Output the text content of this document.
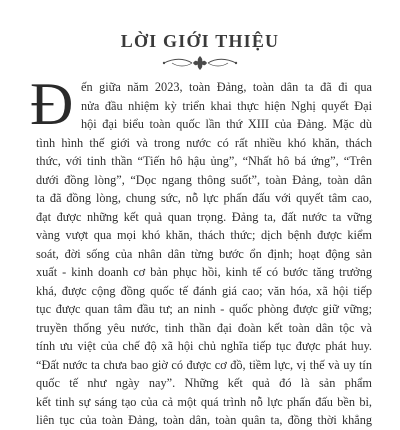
LỜI GIỚI THIỆU
Đ ến giữa năm 2023, toàn Đảng, toàn dân ta đã đi qua
nửa đầu nhiệm kỳ triển khai thực hiện Nghị quyết Đại
hội đại biểu toàn quốc lần thứ XIII của Đảng. Mặc dù
tình hình thế giới và trong nước có rất nhiều khó khăn, thách
thức, với tinh thần “Tiến hô hậu ủng”, “Nhất hô bá ứng”, “Trên
dưới đồng lòng”, “Dọc ngang thông suốt”, toàn Đảng, toàn dân
ta đã đồng lòng, chung sức, nỗ lực phấn đấu với quyết tâm cao,
đạt được những kết quả quan trọng. Đảng ta, đất nước ta vững
vàng vượt qua mọi khó khăn, thách thức; dịch bệnh được kiểm
soát, đời sống của nhân dân từng bước ổn định; hoạt động sản
xuất - kinh doanh cơ bản phục hồi, kinh tế có bước tăng trưởng
khá, được cộng đồng quốc tế đánh giá cao; văn hóa, xã hội tiếp
tục được quan tâm đầu tư; an ninh - quốc phòng được giữ vững;
truyền thống yêu nước, tinh thần đại đoàn kết toàn dân tộc và
tính ưu việt của chế độ xã hội chủ nghĩa tiếp tục được phát huy.
“Đất nước ta chưa bao giờ có được cơ đồ, tiềm lực, vị thế và uy tín
quốc tế như ngày nay”. Những kết quả đó là sản phẩm
kết tinh sự sáng tạo của cả một quá trình nỗ lực phấn đấu bền bỉ,
liên tục của toàn Đảng, toàn dân, toàn quân ta, đồng thời khẳng
